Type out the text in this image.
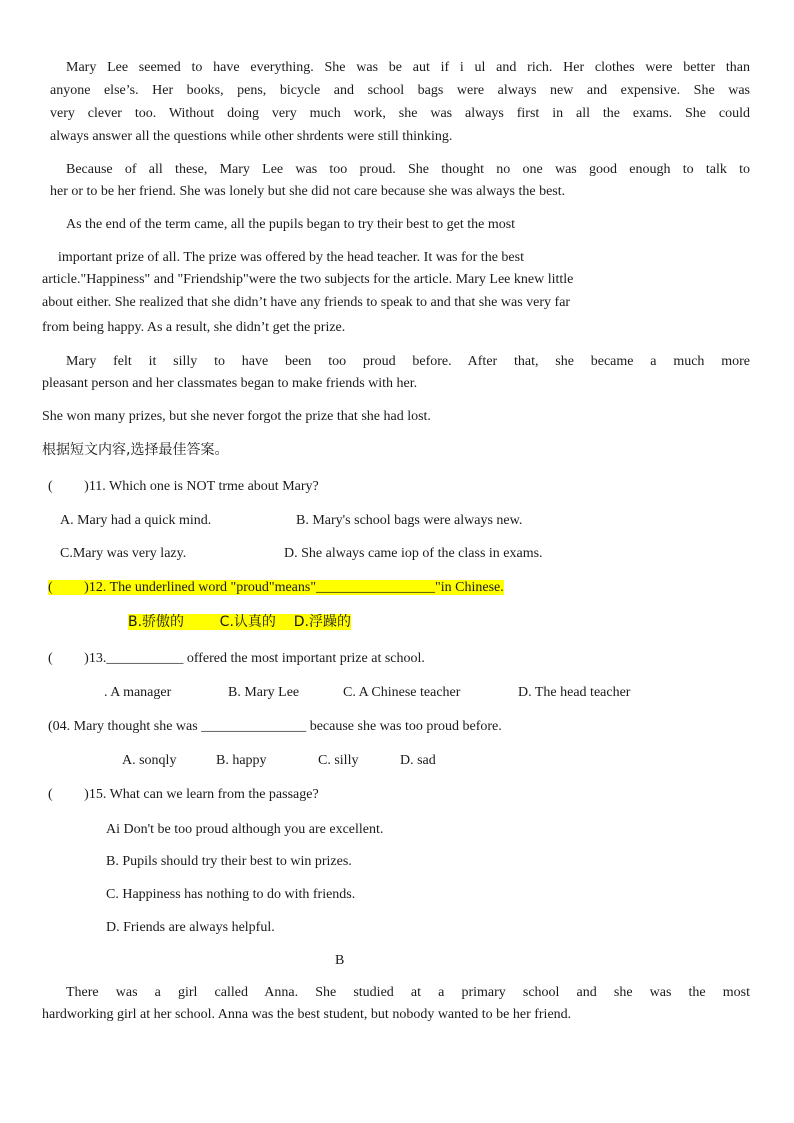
Mary Lee seemed to have everything. She was be aut if i ul and rich. Her clothes were better than
anyone else’s. Her books, pens, bicycle and school bags were always new and expensive. She was
very clever too. Without doing very much work, she was always first in all the exams. She could
always answer all the questions while other shrdents were still thinking.
Because of all these, Mary Lee was too proud. She thought no one was good enough to talk to
her or to be her friend. She was lonely but she did not care because she was always the best.
As the end of the term came, all the pupils began to try their best to get the most
important prize of all. The prize was offered by the head teacher. It was for the best
article."Happiness" and "Friendship"were the two subjects for the article. Mary Lee knew little
about either. She realized that she didn’t have any friends to speak to and that she was very far
from being happy. As a result, she didn’t get the prize.
Mary felt it silly to have been too proud before. After that, she became a much more
pleasant person and her classmates began to make friends with her.
She won many prizes, but she never forgot the prize that she had lost.
根据短文内容,选择最佳答案。
(　　 )11. Which one is NOT trme about Mary?
A. Mary had a quick mind.	B. Mary's school bags were always new.
C.Mary was very lazy.	D. She always came iop of the class in exams.
(　　 )12. The underlined word "proud"means"_________________"in Chinese.
B.骄傲的	C.认真的 D.浮躁的
(　　 )13.___________ offered the most important prize at school.
. A manager	B. Mary Lee	C. A Chinese teacher	D. The head teacher
(04. Mary thought she was _______________ because she was too proud before.
A. sonqly	B. happy	C. silly	D. sad
(　　 )15. What can we learn from the passage?
Ai Don't be too proud although you are excellent.
B. Pupils should try their best to win prizes.
C. Happiness has nothing to do with friends.
D. Friends are always helpful.
B
There was a girl called Anna. She studied at a primary school and she was the most
hardworking girl at her school. Anna was the best student, but nobody wanted to be her friend.
